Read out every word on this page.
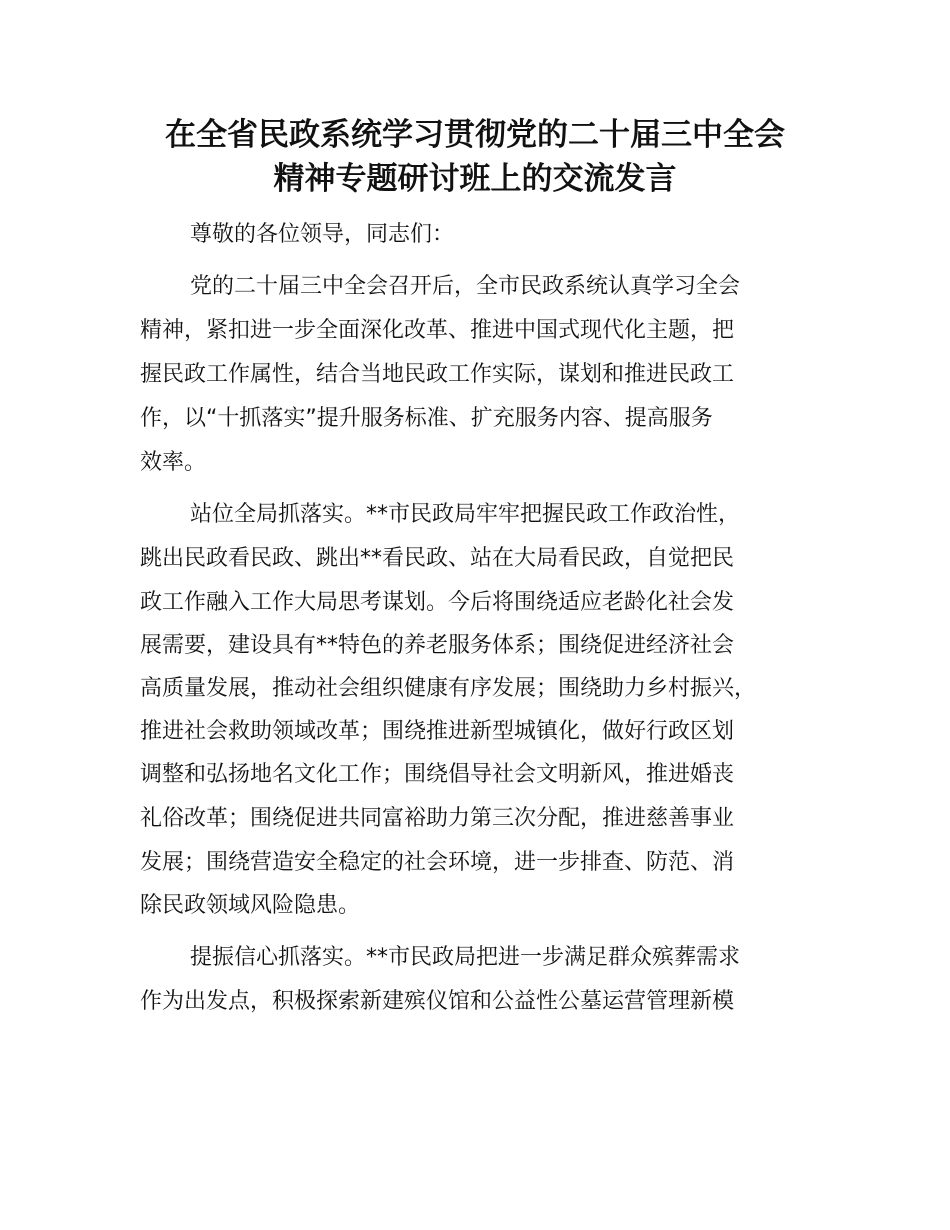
在全省民政系统学习贯彻党的二十届三中全会
精神专题研讨班上的交流发言

尊敬的各位领导，同志们：

党的二十届三中全会召开后，全市民政系统认真学习全会

精神，紧扣进一步全面深化改革、推进中国式现代化主题，把

握民政工作属性，结合当地民政工作实际，谋划和推进民政工

作，以“十抓落实”提升服务标准、扩充服务内容、提高服务

效率。

站位全局抓落实。**市民政局牢牢把握民政工作政治性，

跳出民政看民政、跳出**看民政、站在大局看民政，自觉把民

政工作融入工作大局思考谋划。今后将围绕适应老龄化社会发

展需要，建设具有**特色的养老服务体系；围绕促进经济社会

高质量发展，推动社会组织健康有序发展；围绕助力乡村振兴，

推进社会救助领域改革；围绕推进新型城镇化，做好行政区划

调整和弘扬地名文化工作；围绕倡导社会文明新风，推进婚丧

礼俗改革；围绕促进共同富裕助力第三次分配，推进慈善事业

发展；围绕营造安全稳定的社会环境，进一步排查、防范、消

除民政领域风险隐患。

提振信心抓落实。**市民政局把进一步满足群众殡葬需求

作为出发点，积极探索新建殡仪馆和公益性公墓运营管理新模
